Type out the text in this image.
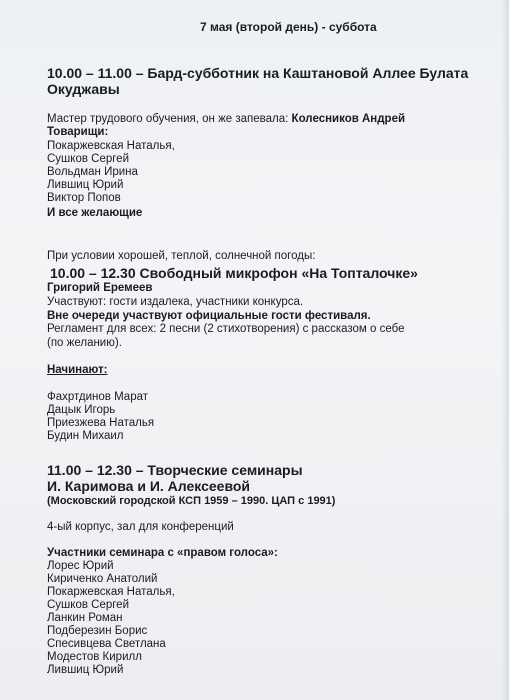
7 мая (второй день) - суббота
10.00 – 11.00 – Бард-субботник на Каштановой Аллее Булата
Окуджавы
Мастер трудового обучения, он же запевала: Колесников Андрей
Товарищи:
Покаржевская Наталья,
Сушков Сергей
Вольдман Ирина
Лившиц Юрий
Виктор Попов
И все желающие
При условии хорошей, теплой, солнечной погоды:
10.00 – 12.30 Свободный микрофон «На Топталочке»
Григорий Еремеев
Участвуют: гости издалека, участники конкурса.
Вне очереди участвуют официальные гости фестиваля.
Регламент для всех: 2 песни (2 стихотворения) с рассказом о себе
(по желанию).
Начинают:
Фахртдинов Марат
Дацык Игорь
Приезжева Наталья
Будин Михаил
11.00 – 12.30 – Творческие семинары
И. Каримова и И. Алексеевой
(Московский городской КСП 1959 – 1990. ЦАП с 1991)
4-ый корпус, зал для конференций
Участники семинара с «правом голоса»:
Лорес Юрий
Кириченко Анатолий
Покаржевская Наталья,
Сушков Сергей
Ланкин Роман
Подберезин Борис
Спесивцева Светлана
Модестов Кирилл
Лившиц Юрий
